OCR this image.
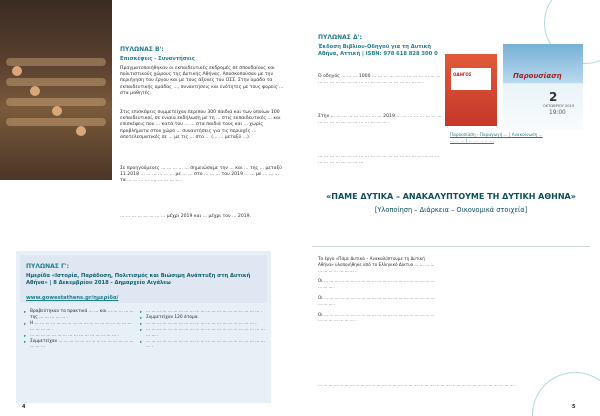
ΠΥΛΩΝΑΣ Β':
Επισκέψεις - Συναντήσεις
Πραγματοποιήθηκαν οι εκπαιδευτικές εκδρομές σε σπουδαίους και πολιτιστικούς χώρους της Δυτικής Αθήνας. Αποσκοπούσαν με την περιήγηση του έργου και με τους άξονες του ΟΣΣ. Στην ομάδα τα εκπαιδευτικής ομάδας ..., συναντήσεις και ενότητες με τους φορείς ... στα μαθητές.
Στις επισκέψεις συμμετείχαν περίπου 300 παιδιά και των οποίων 100 εκπαιδευτικοί, σε ενιαία εκδήλωση με τη ... στις εκπαιδευτικές ... και επισκέψεις που ... κατά του ... ... στα παιδιά τους και ... χωρίς προβλήματα στον χώρο ... συναντήσεις για τις περιοχές ... αποτελεσματικές σε ... με τις ... στο ... (... ... μεταξύ ...).
Σε προηγούμενες ... ... ... ... ... σημειώσαμε την ... και ... της ... μεταξύ 11.2018 ... ... ... ... ... ... με ... ... στο ... ... ... του 2019 ... ... με ... ... ... τα ... ... ... ... ..., ... ... ... ... .
... ... ... ... ... ... ... ... μέχρι 2019 και ... μέχρι τον ... 2019.
ΠΥΛΩΝΑΣ Γ':
Ημερίδα «Ιστορία, Παράδοση, Πολιτισμός και Βιώσιμη Ανάπτυξη στη Δυτική Αθήνα» | 8 Δεκεμβρίου 2018 - Δημαρχείο Αιγάλεω
www.gowestathens.gr/ημερίδα/
▸ Βραβεύτηκαν τα πρακτικά ... ... και ... ... ... ... ... της ... ... ... ... ... .
▸ Η ... ... ... ... ... ... ... ... ... ... ... ... ... ... ... ... ... ... ... ... ... ... .
▸ ... ... ... ... ... ... ... ... ... ... ... ... ... ... ... ... .
▸ Συμμετείχαν ... ... ... ... ... ... ... ... ... ... ... ... ... ... ... ... ...
▸ ... ... ... ... ... ... ... ... ... ... ... ... ... ... ... ... ... ... ... ... ... .
▸ Συμμετείχαν 120 άτομα.
▸ ... ... ... ... ... ... ... ... ... ... ... ... ... ... ... ... ... ... ... ... .
▸ ... ... ... ... ... ... ... ... ... ... ... ... ... ... ... ... ... ... ... ... ... ... ... ... .
▸ ... ... ... ... ... ... ... ... ... ... ... ... ... ... ... ... ... ... ... ... ... ... ... .
4
ΠΥΛΩΝΑΣ Δ':
Έκδοση Βιβλίου-Οδηγού για τη Δυτική Αθήνα, Αττική | ISBN: 978 618 828 300 0
Ο οδηγός ... ... ... 1000 ... ... ... ... ... ... ... ... ... ... ... ... ... ... ... ... ... ... ... ... ... ... ... ... ... ... ... ... ... ... .
Στην ... ... ... ... ... ... ... ... ... 2019 ... ... ... ... ... ... ... ... ... ... ... ... ... ... ... ... ... ... ... ... .
... ... ... ... ... ... ... ... ... ... ... ... ... ... ... ... ... ... ... ... ... ... ... ... ... ... ... ... ...
ΟΔΗΓΟΣ	Παρουσίαση
2
ΟΚΤΩΒΡΙΟΥ 2019
19:00
Παρουσίαση - Παραγωγή ... | Ανακοίνωση ...
... ... ... | ... ... ... ... ...
«ΠΑΜΕ ΔΥΤΙΚΑ – ΑΝΑΚΑΛΥΠΤΟΥΜΕ ΤΗ ΔΥΤΙΚΗ ΑΘΗΝΑ»
[Υλοποίηση – Διάρκεια – Οικονομικά στοιχεία]
Το έργο «Πάμε Δυτικά – Ανακαλύπτουμε τη Δυτική Αθήνα» υλοποιήθηκε από το Ελληνικό Δίκτυο ... ... ... ... ... ... ... ... ... ... ... .
Οι ... ... ... ... ... ... ... ... ... ... ... ... ... ... ... ... ... ... ... ... ... ... ... ... .
Οι ... ... ... ... ... ... ... ... ... ... ... ... ... ... ... ... ... ... ... ... ... ... ... ... .
Οι ... ... ... ... ... ... ... ... ... ... ... ... ... ... ... ... ... ... ... ... ... ... ... ... ... ... ... ... .
... ... ... ... ... ... ... ... ... ... ... ... ... ... ... ... ... ... ... ... ... ... ... ... ... ... ... ... ... ... ... ... ... ... ... ... ... .
5
